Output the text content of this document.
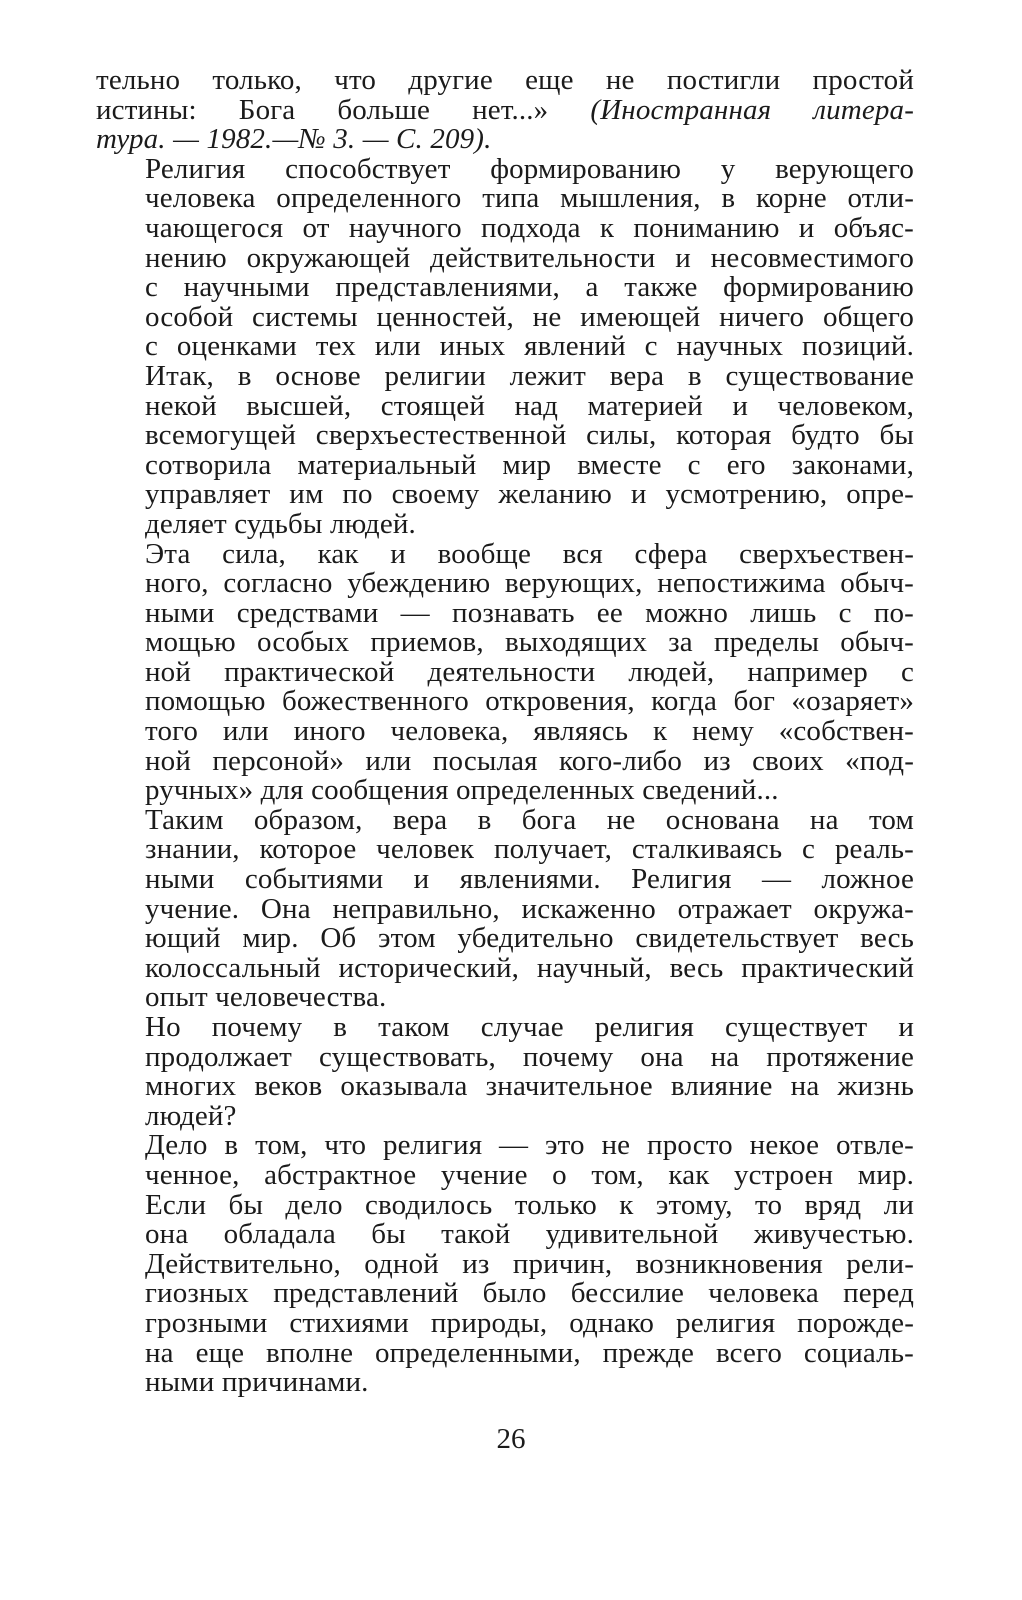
тельно только, что другие еще не постигли простой
истины: Бога больше нет...» (Иностранная литера-
тура. — 1982.—№ 3. — С. 209).

Религия способствует формированию у верующего
человека определенного типа мышления, в корне отли-
чающегося от научного подхода к пониманию и объяс-
нению окружающей действительности и несовместимого
с научными представлениями, а также формированию
особой системы ценностей, не имеющей ничего общего
с оценками тех или иных явлений с научных позиций.

Итак, в основе религии лежит вера в существование
некой высшей, стоящей над материей и человеком,
всемогущей сверхъестественной силы, которая будто бы
сотворила материальный мир вместе с его законами,
управляет им по своему желанию и усмотрению, опре-
деляет судьбы людей.

Эта сила, как и вообще вся сфера сверхъествен-
ного, согласно убеждению верующих, непостижима обыч-
ными средствами — познавать ее можно лишь с по-
мощью особых приемов, выходящих за пределы обыч-
ной практической деятельности людей, например с
помощью божественного откровения, когда бог «озаряет»
того или иного человека, являясь к нему «собствен-
ной персоной» или посылая кого-либо из своих «под-
ручных» для сообщения определенных сведений...

Таким образом, вера в бога не основана на том
знании, которое человек получает, сталкиваясь с реаль-
ными событиями и явлениями. Религия — ложное
учение. Она неправильно, искаженно отражает окружа-
ющий мир. Об этом убедительно свидетельствует весь
колоссальный исторический, научный, весь практический
опыт человечества.

Но почему в таком случае религия существует и
продолжает существовать, почему она на протяжение
многих веков оказывала значительное влияние на жизнь
людей?

Дело в том, что религия — это не просто некое отвле-
ченное, абстрактное учение о том, как устроен мир.
Если бы дело сводилось только к этому, то вряд ли
она обладала бы такой удивительной живучестью.
Действительно, одной из причин, возникновения рели-
гиозных представлений было бессилие человека перед
грозными стихиями природы, однако религия порожде-
на еще вполне определенными, прежде всего социаль-
ными причинами.

26
